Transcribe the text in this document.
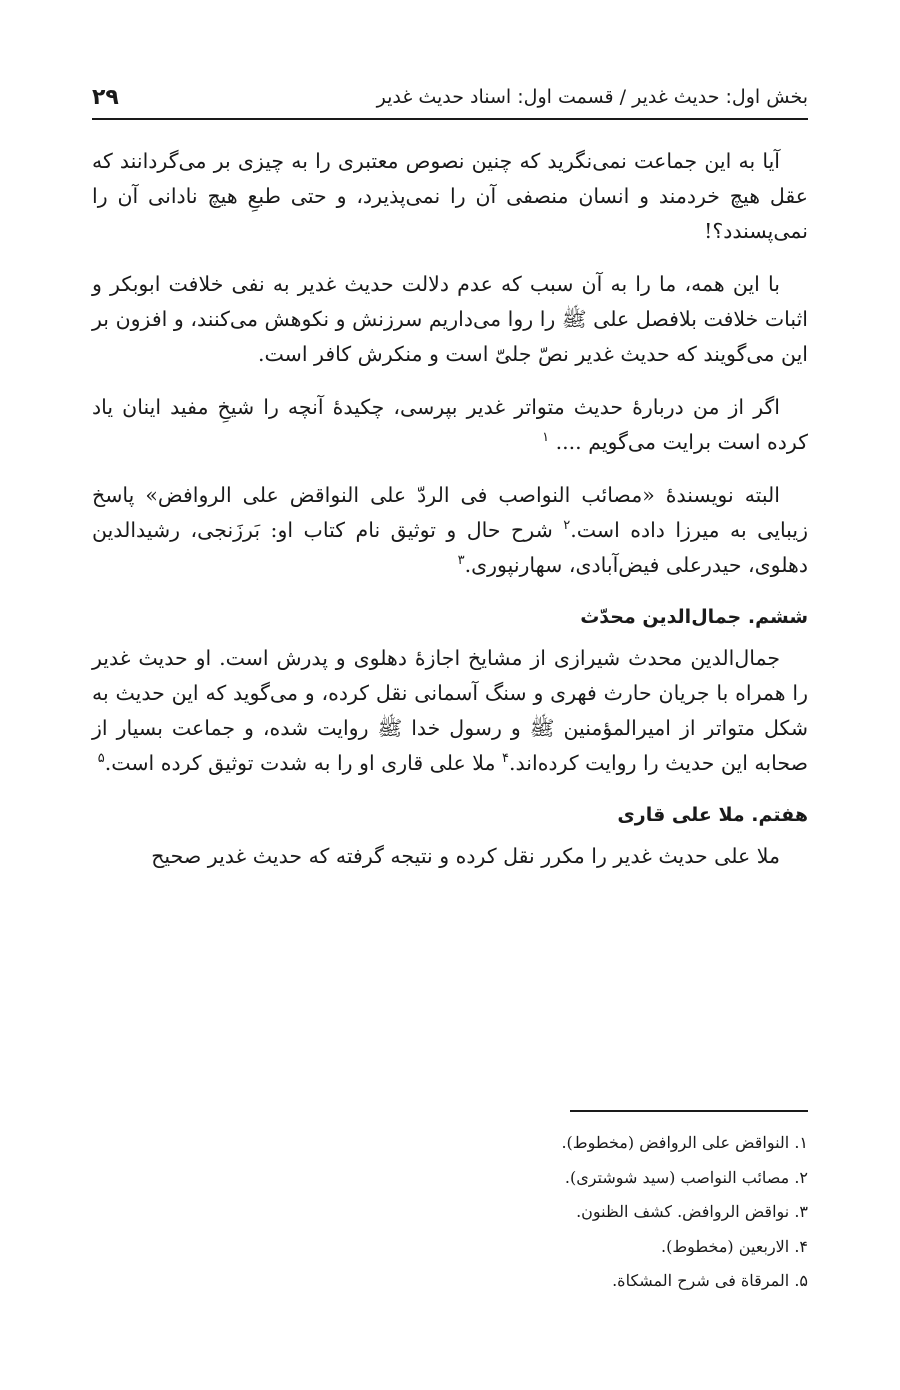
بخش اول: حدیث غدیر / قسمت اول: اسناد حدیث غدیر
۲۹

آیا به این جماعت نمی‌نگرید که چنین نصوص معتبری را به چیزی بر می‌گردانند که عقل هیچ خردمند و انسان منصفی آن را نمی‌پذیرد، و حتی طبعِ هیچ نادانی آن را نمی‌پسندد؟!

با این همه، ما را به آن سبب که عدم دلالت حدیث غدیر به نفی خلافت ابوبکر و اثبات خلافت بلافصل علی ﷺ را روا می‌داریم سرزنش و نکوهش می‌کنند، و افزون بر این می‌گویند که حدیث غدیر نصّ جلیّ است و منکرش کافر است.

اگر از من دربارهٔ حدیث متواتر غدیر بپرسی، چکیدهٔ آنچه را شیخِ مفید اینان یاد کرده است برایت می‌گویم .... $^۱$

البته نویسندهٔ «مصائب النواصب فی الردّ علی النواقض علی الروافض» پاسخ زیبایی به میرزا داده است.$^۲$ شرح حال و توثیق نام کتاب او: بَرزَنجی، رشیدالدین دهلوی، حیدرعلی فیض‌آبادی، سهارنپوری.$^۳$

ششم. جمال‌الدین محدّث

جمال‌الدین محدث شیرازی از مشایخ اجازهٔ دهلوی و پدرش است. او حدیث غدیر را همراه با جریان حارث فهری و سنگ آسمانی نقل کرده، و می‌گوید که این حدیث به شکل متواتر از امیرالمؤمنین ﷺ و رسول خدا ﷺ روایت شده، و جماعت بسیار از صحابه این حدیث را روایت کرده‌اند.$^۴$ ملا علی قاری او را به شدت توثیق کرده است.$^۵$

هفتم. ملا علی قاری

ملا علی حدیث غدیر را مکرر نقل کرده و نتیجه گرفته که حدیث غدیر صحیح

۱. النواقض علی الروافض (مخطوط).
۲. مصائب النواصب (سید شوشتری).
۳. نواقض الروافض. کشف الظنون.
۴. الاربعین (مخطوط).
۵. المرقاة فی شرح المشکاة.
